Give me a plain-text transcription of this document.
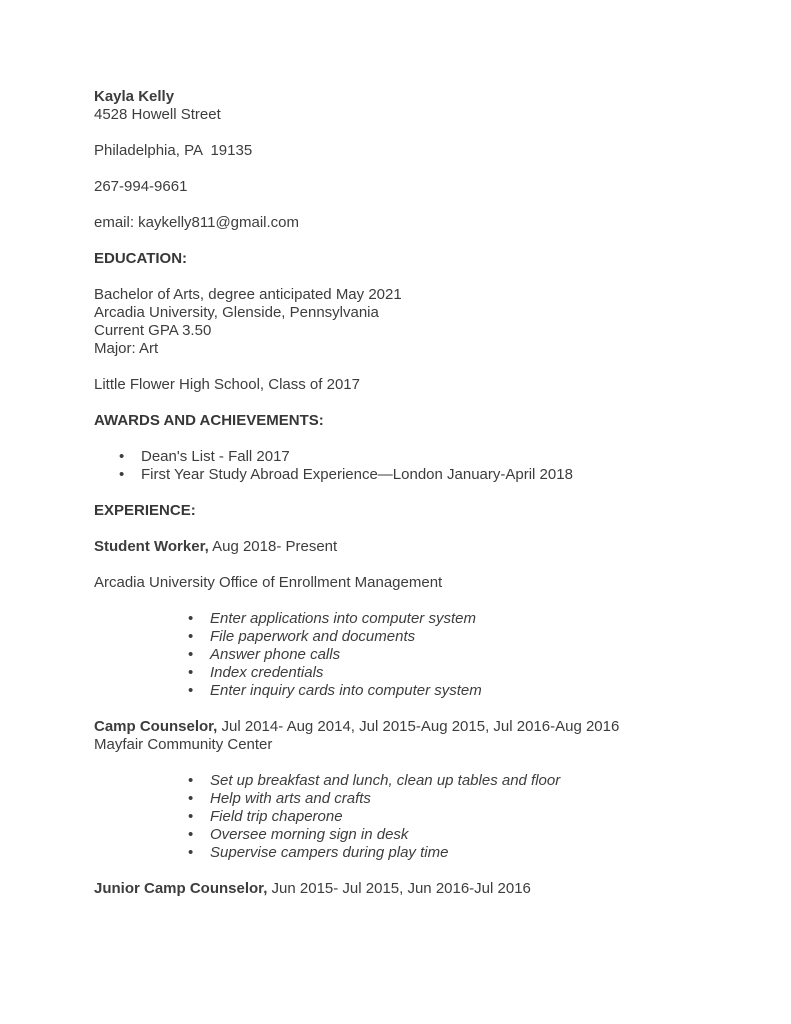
Kayla Kelly
4528 Howell Street
Philadelphia, PA  19135
267-994-9661
email: kaykelly811@gmail.com
EDUCATION:
Bachelor of Arts, degree anticipated May 2021
Arcadia University, Glenside, Pennsylvania
Current GPA 3.50
Major: Art
Little Flower High School, Class of 2017
AWARDS AND ACHIEVEMENTS:
• Dean's List - Fall 2017
• First Year Study Abroad Experience—London January-April 2018
EXPERIENCE:
Student Worker, Aug 2018- Present
Arcadia University Office of Enrollment Management
• Enter applications into computer system
• File paperwork and documents
• Answer phone calls
• Index credentials
• Enter inquiry cards into computer system
Camp Counselor, Jul 2014- Aug 2014, Jul 2015-Aug 2015, Jul 2016-Aug 2016
Mayfair Community Center
• Set up breakfast and lunch, clean up tables and floor
• Help with arts and crafts
• Field trip chaperone
• Oversee morning sign in desk
• Supervise campers during play time
Junior Camp Counselor, Jun 2015- Jul 2015, Jun 2016-Jul 2016
